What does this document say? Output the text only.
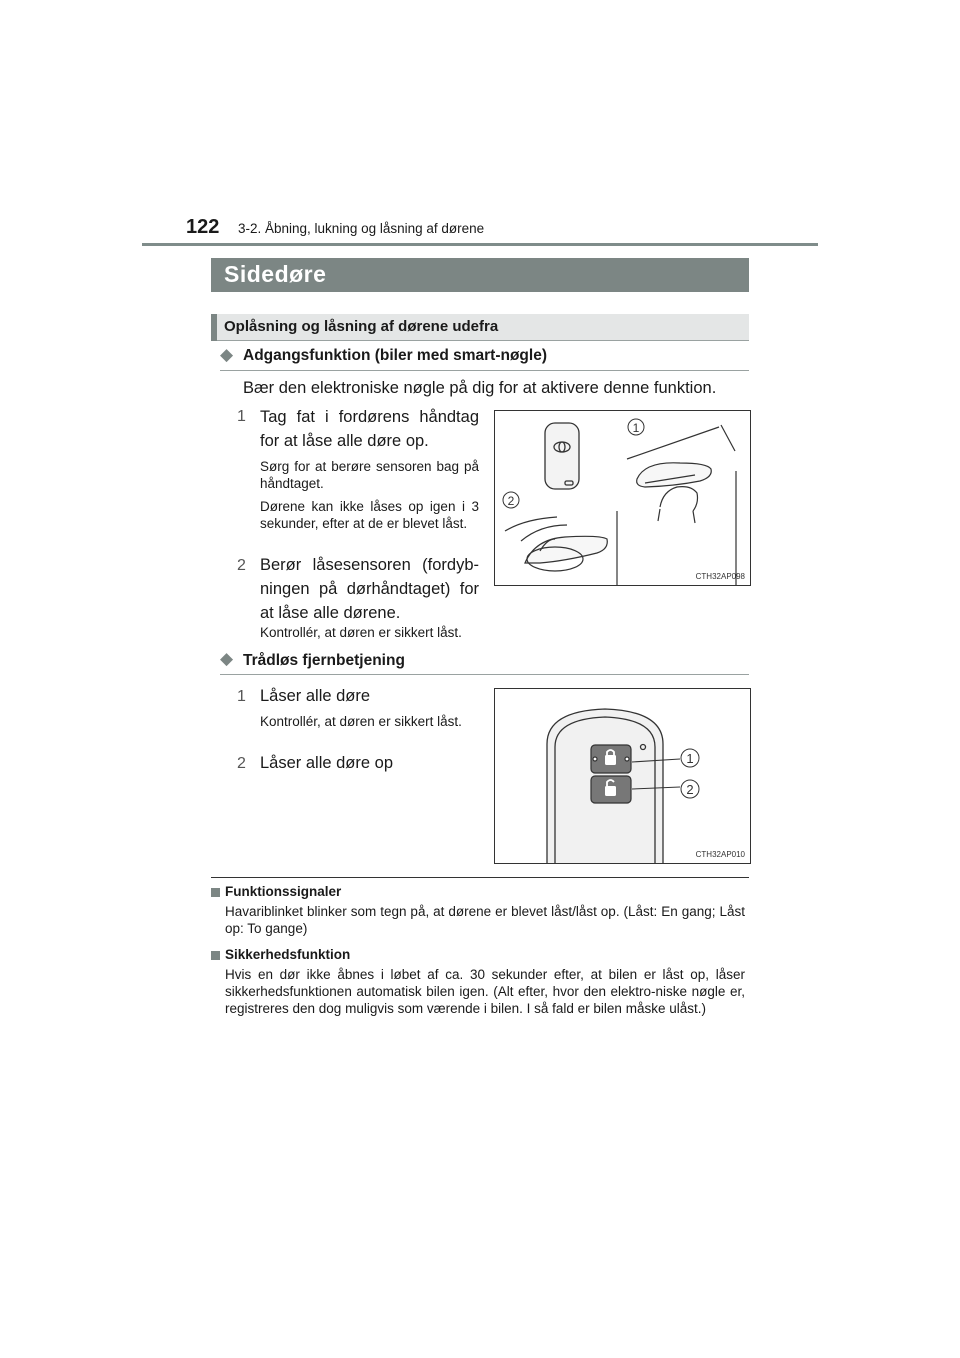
122 3-2. Åbning, lukning og låsning af dørene
Sidedøre
Oplåsning og låsning af dørene udefra
◆ Adgangsfunktion (biler med smart-nøgle)
Bær den elektroniske nøgle på dig for at aktivere denne funktion.
1 Tag fat i fordørens håndtag for at låse alle døre op.
Sørg for at berøre sensoren bag på håndtaget.
Dørene kan ikke låses op igen i 3 sekunder, efter at de er blevet låst.
2 Berør låsesensoren (fordyb-ningen på dørhåndtaget) for at låse alle dørene.
Kontrollér, at døren er sikkert låst.
1
2
CTH32AP098
◆ Trådløs fjernbetjening
1 Låser alle døre
Kontrollér, at døren er sikkert låst.
2 Låser alle døre op	1
2
CTH32AP010
Funktionssignaler
Havariblinket blinker som tegn på, at dørene er blevet låst/låst op. (Låst: En gang; Låst op: To gange)
Sikkerhedsfunktion
Hvis en dør ikke åbnes i løbet af ca. 30 sekunder efter, at bilen er låst op, låser sikkerhedsfunktionen automatisk bilen igen. (Alt efter, hvor den elektro-niske nøgle er, registreres den dog muligvis som værende i bilen. I så fald er bilen måske ulåst.)
